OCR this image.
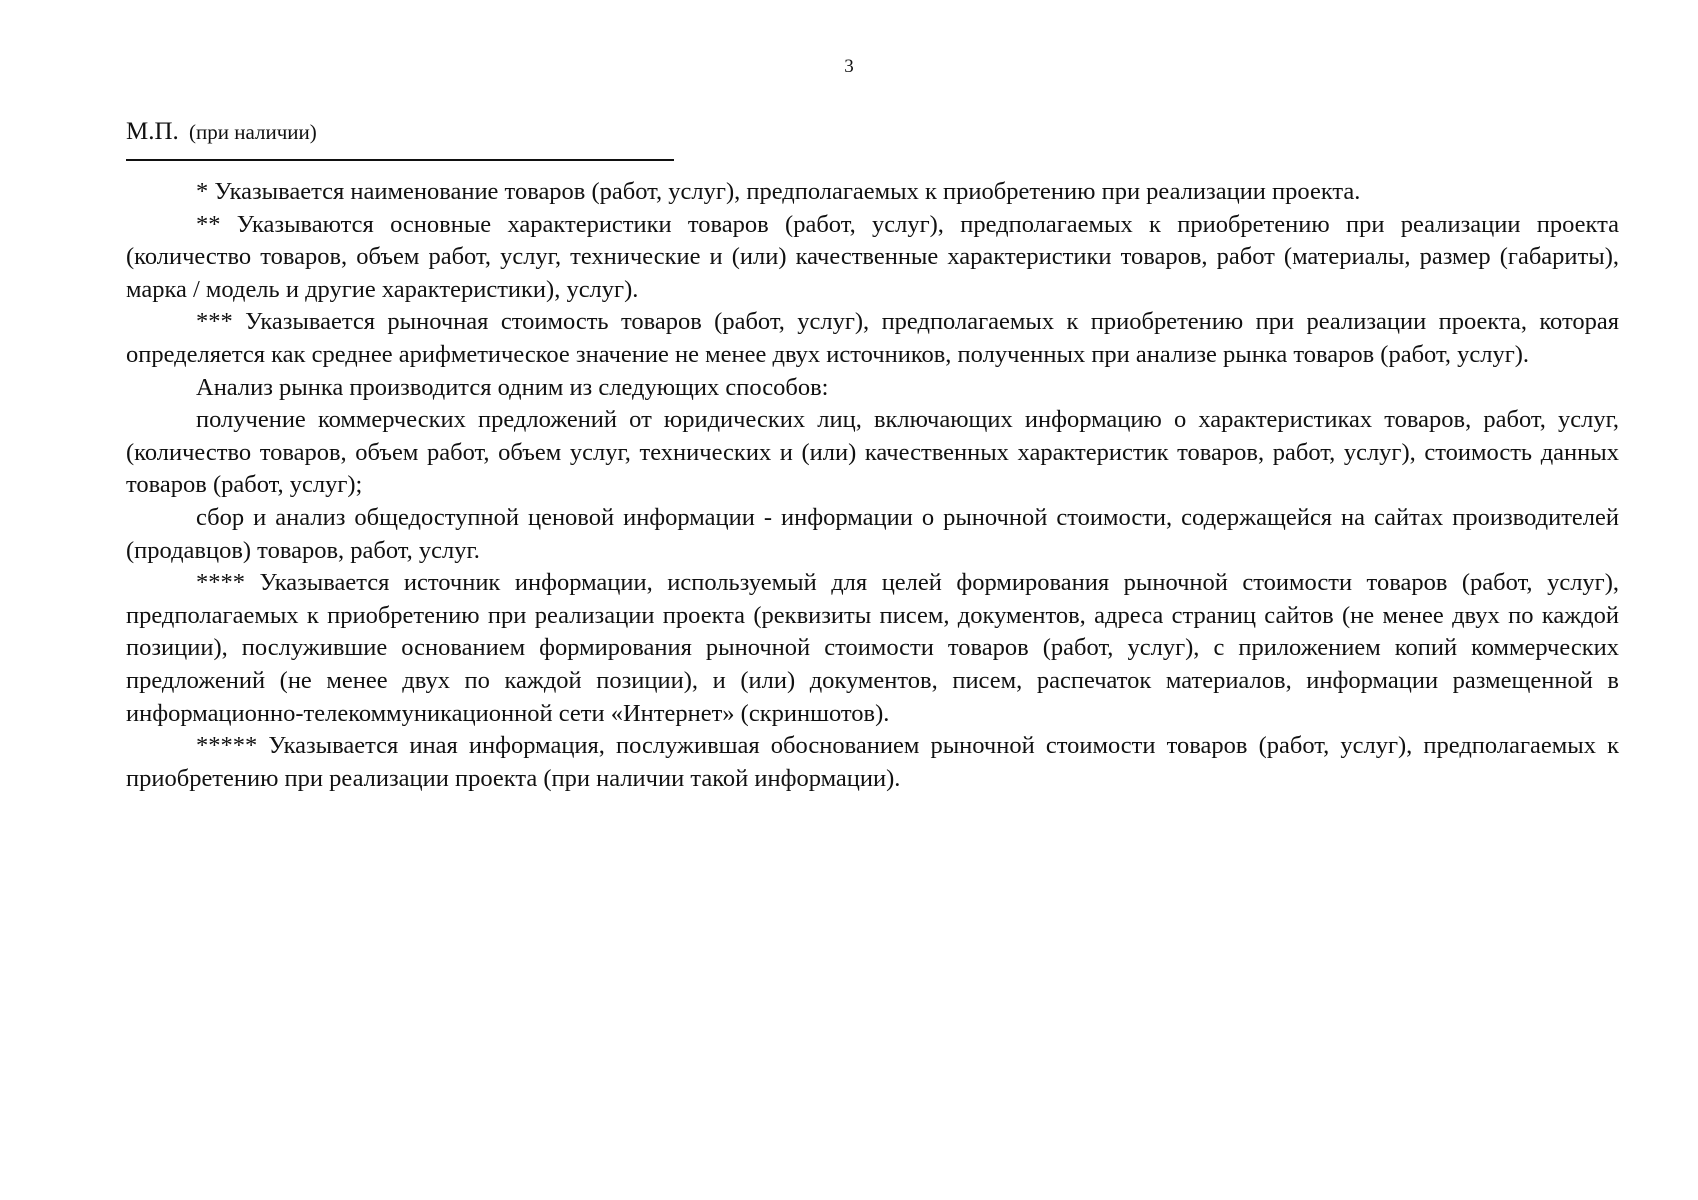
3
М.П. (при наличии)

* Указывается наименование товаров (работ, услуг), предполагаемых к приобретению при реализации проекта.

** Указываются основные характеристики товаров (работ, услуг), предполагаемых к приобретению при реализации проекта (количество товаров, объем работ, услуг, технические и (или) качественные характеристики товаров, работ (материалы, размер (габариты), марка / модель и другие характеристики), услуг).

*** Указывается рыночная стоимость товаров (работ, услуг), предполагаемых к приобретению при реализации проекта, которая определяется как среднее арифметическое значение не менее двух источников, полученных при анализе рынка товаров (работ, услуг).

Анализ рынка производится одним из следующих способов:

получение коммерческих предложений от юридических лиц, включающих информацию о характеристиках товаров, работ, услуг, (количество товаров, объем работ, объем услуг, технических и (или) качественных характеристик товаров, работ, услуг), стоимость данных товаров (работ, услуг);

сбор и анализ общедоступной ценовой информации - информации о рыночной стоимости, содержащейся на сайтах производителей (продавцов) товаров, работ, услуг.

**** Указывается источник информации, используемый для целей формирования рыночной стоимости товаров (работ, услуг), предполагаемых к приобретению при реализации проекта (реквизиты писем, документов, адреса страниц сайтов (не менее двух по каждой позиции), послужившие основанием формирования рыночной стоимости товаров (работ, услуг), с приложением копий коммерческих предложений (не менее двух по каждой позиции), и (или) документов, писем, распечаток материалов, информации размещенной в информационно-телекоммуникационной сети «Интернет» (скриншотов).

***** Указывается иная информация, послужившая обоснованием рыночной стоимости товаров (работ, услуг), предполагаемых к приобретению при реализации проекта (при наличии такой информации).
